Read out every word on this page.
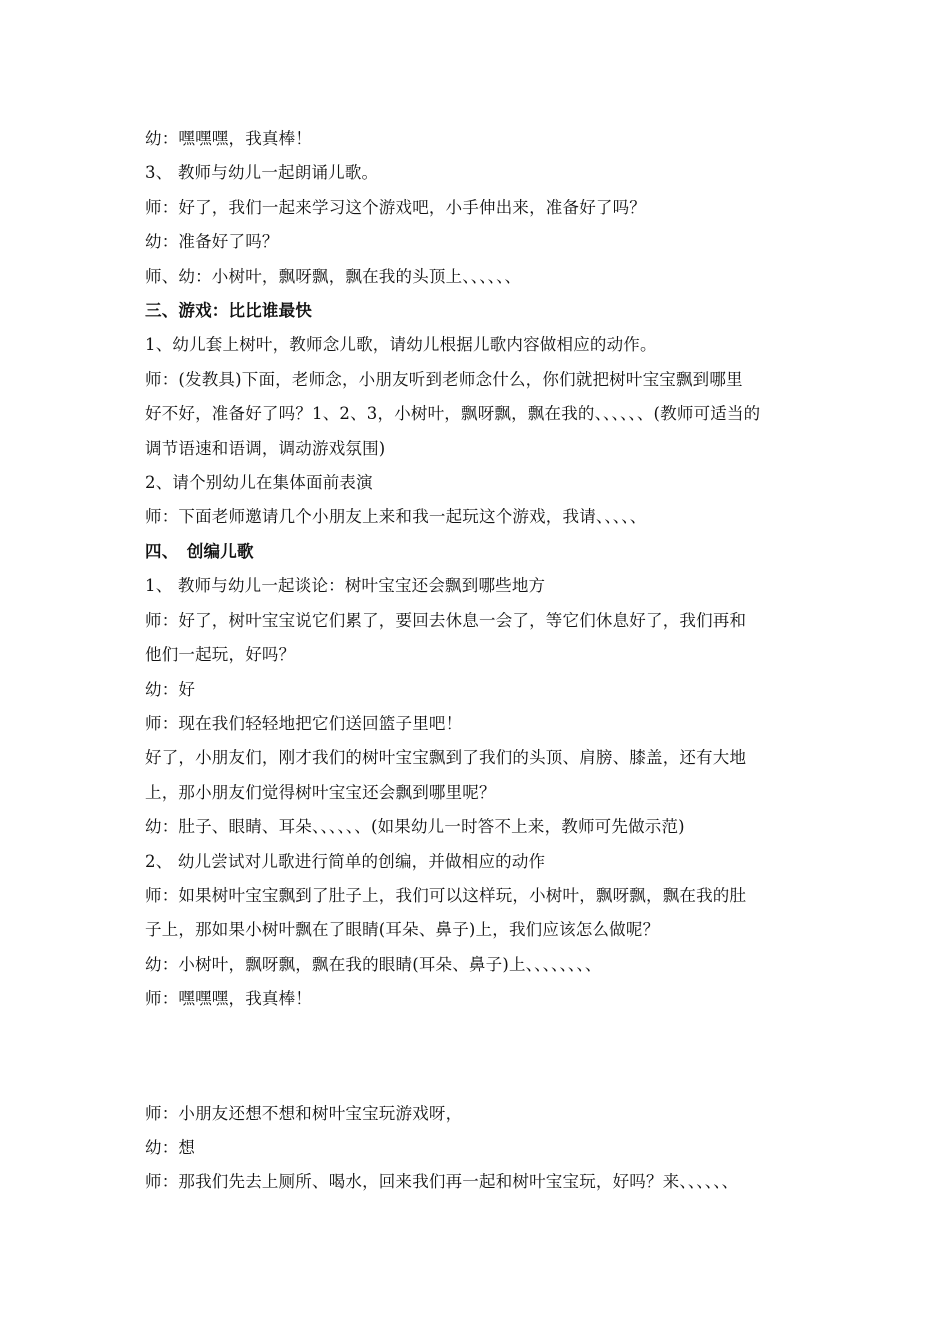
幼：嘿嘿嘿，我真棒！
3、 教师与幼儿一起朗诵儿歌。
师：好了，我们一起来学习这个游戏吧，小手伸出来，准备好了吗？
幼：准备好了吗？
师、幼：小树叶，飘呀飘，飘在我的头顶上、、、、、、
三、游戏：比比谁最快
1、幼儿套上树叶，教师念儿歌，请幼儿根据儿歌内容做相应的动作。
师：(发教具)下面，老师念，小朋友听到老师念什么，你们就把树叶宝宝飘到哪里
好不好，准备好了吗？1、2、3，小树叶，飘呀飘，飘在我的、、、、、、(教师可适当的
调节语速和语调，调动游戏氛围)
2、请个别幼儿在集体面前表演
师：下面老师邀请几个小朋友上来和我一起玩这个游戏，我请、、、、、
四、　创编儿歌
1、 教师与幼儿一起谈论：树叶宝宝还会飘到哪些地方
师：好了，树叶宝宝说它们累了，要回去休息一会了，等它们休息好了，我们再和
他们一起玩，好吗？
幼：好
师：现在我们轻轻地把它们送回篮子里吧！
好了，小朋友们，刚才我们的树叶宝宝飘到了我们的头顶、肩膀、膝盖，还有大地
上，那小朋友们觉得树叶宝宝还会飘到哪里呢？
幼：肚子、眼睛、耳朵、、、、、、(如果幼儿一时答不上来，教师可先做示范)
2、 幼儿尝试对儿歌进行简单的创编，并做相应的动作
师：如果树叶宝宝飘到了肚子上，我们可以这样玩，小树叶，飘呀飘，飘在我的肚
子上，那如果小树叶飘在了眼睛(耳朵、鼻子)上，我们应该怎么做呢？
幼：小树叶，飘呀飘，飘在我的眼睛(耳朵、鼻子)上、、、、、、、、
师：嘿嘿嘿，我真棒！
师：小朋友还想不想和树叶宝宝玩游戏呀，
幼：想
师：那我们先去上厕所、喝水，回来我们再一起和树叶宝宝玩，好吗？来、、、、、、
